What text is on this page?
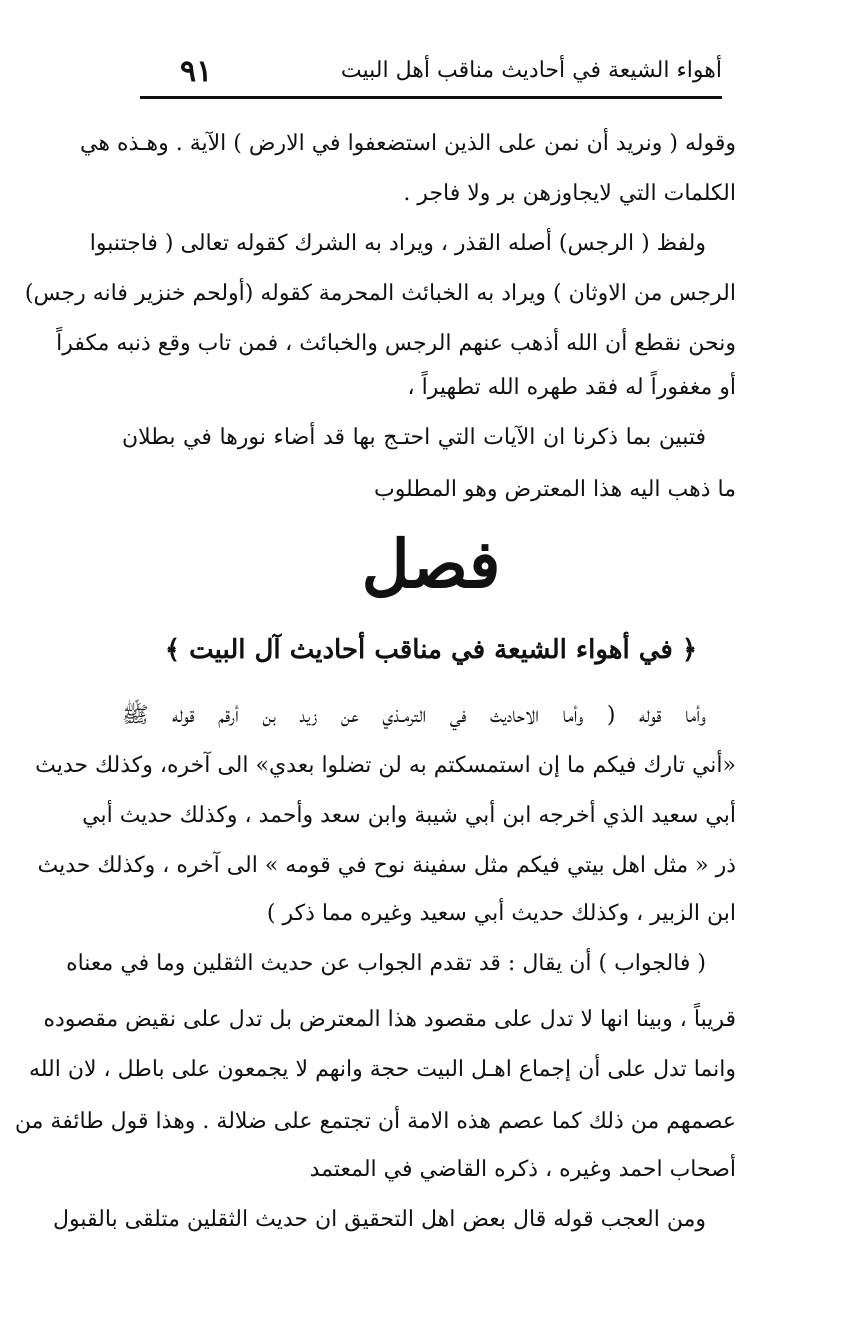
أهواء الشيعة في أحاديث مناقب أهل البيت
٩١
وقوله ( ونريد أن نمن على الذين استضعفوا في الارض ) الآية . وهـذه هي
الكلمات التي لايجاوزهن بر ولا فاجر .
ولفظ ( الرجس) أصله القذر ، ويراد به الشرك كقوله تعالى ( فاجتنبوا
الرجس من الاوثان ) ويراد به الخبائث المحرمة كقوله (أولحم خنزير فانه رجس)
ونحن نقطع أن الله أذهب عنهم الرجس والخبائث ، فمن تاب وقع ذنبه مكفراً
أو مغفوراً له فقد طهره الله تطهيراً ،
فتبين بما ذكرنا ان الآيات التي احتـج بها قد أضاء نورها في بطلان
ما ذهب اليه هذا المعترض وهو المطلوب
فصل
﴿ في أهواء الشيعة في مناقب أحاديث آل البيت ﴾
وأما قوله ( وأما الاحاديث في الترمـذي عن زيد بن أرقم قوله ﷺ
«أني تارك فيكم ما إن استمسكتم به لن تضلوا بعدي» الى آخره، وكذلك حديث
أبي سعيد الذي أخرجه ابن أبي شيبة وابن سعد وأحمد ، وكذلك حديث أبي
ذر « مثل اهل بيتي فيكم مثل سفينة نوح في قومه » الى آخره ، وكذلك حديث
ابن الزبير ، وكذلك حديث أبي سعيد وغيره مما ذكر )
( فالجواب ) أن يقال : قد تقدم الجواب عن حديث الثقلين وما في معناه
قريباً ، وبينا انها لا تدل على مقصود هذا المعترض بل تدل على نقيض مقصوده
وانما تدل على أن إجماع اهـل البيت حجة وانهم لا يجمعون على باطل ، لان الله
عصمهم من ذلك كما عصم هذه الامة أن تجتمع على ضلالة . وهذا قول طائفة من
أصحاب احمد وغيره ، ذكره القاضي في المعتمد
ومن العجب قوله قال بعض اهل التحقيق ان حديث الثقلين متلقى بالقبول
